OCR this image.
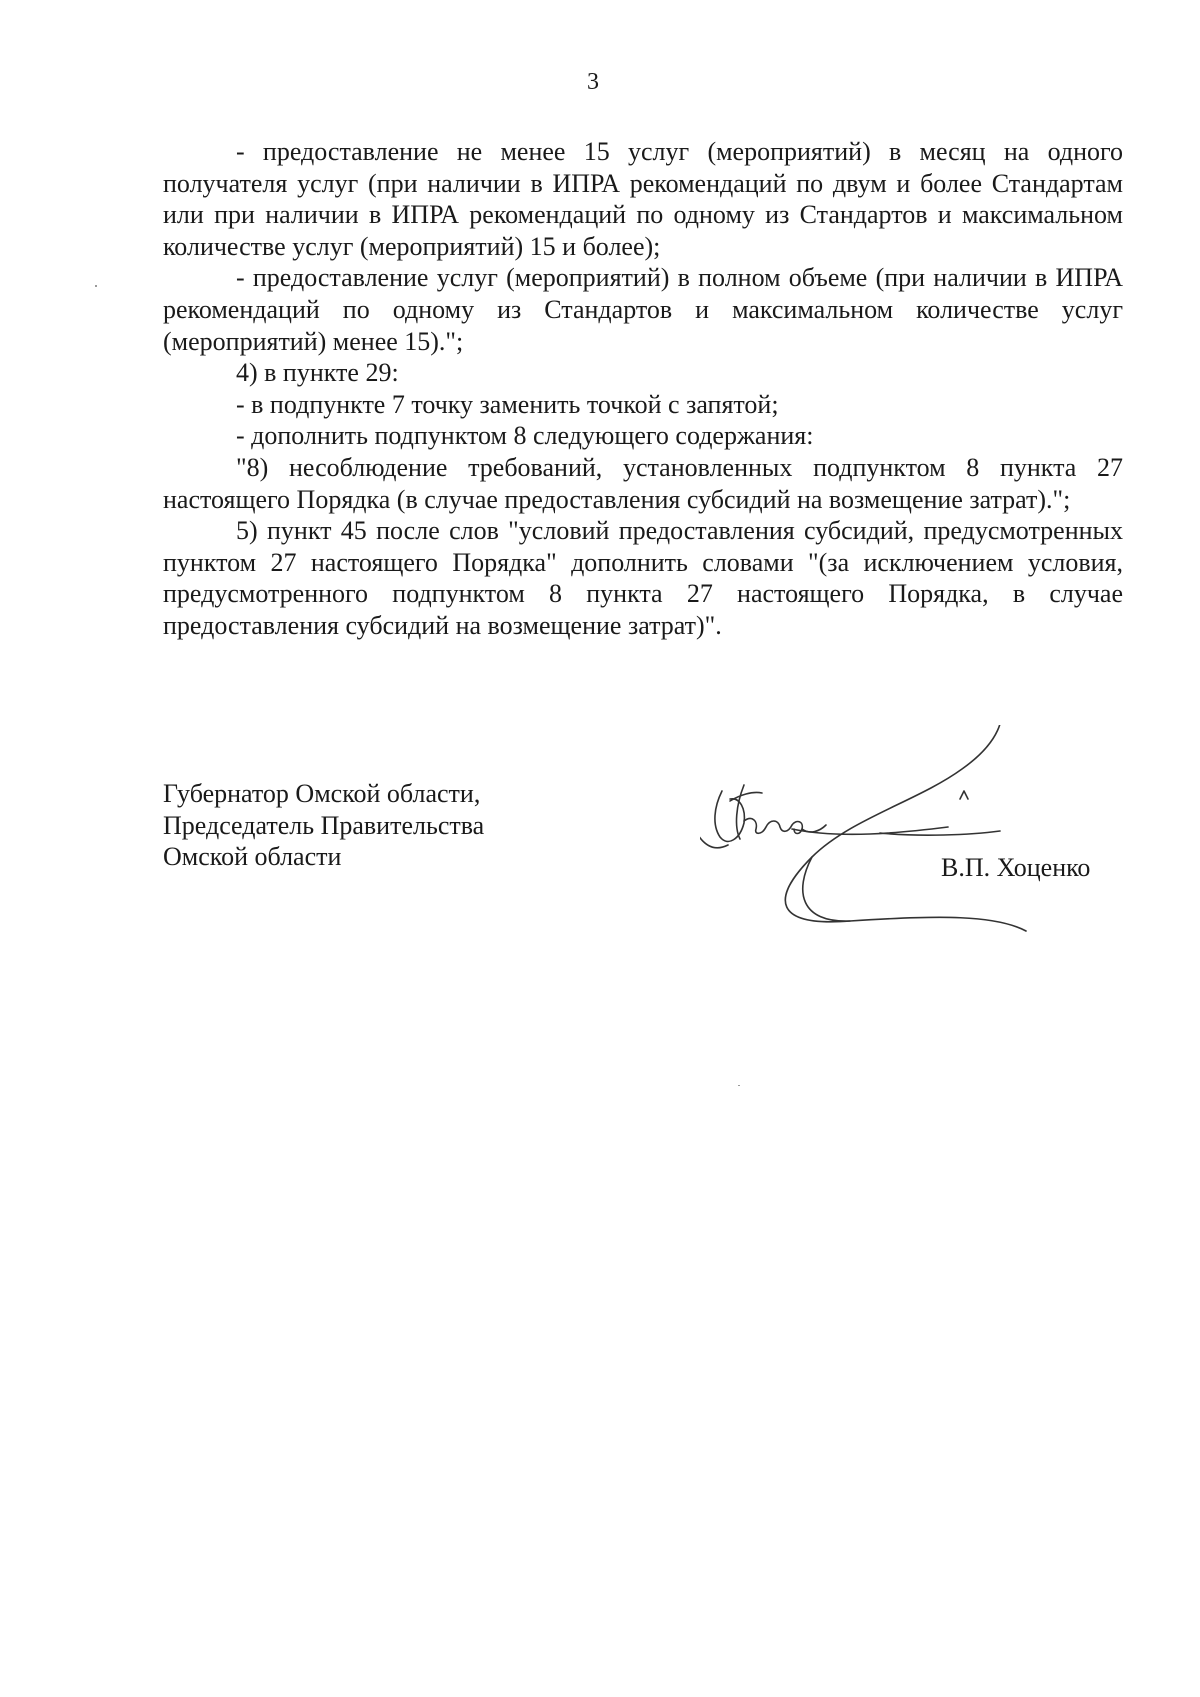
3

- предоставление не менее 15 услуг (мероприятий) в месяц на одного получателя услуг (при наличии в ИПРА рекомендаций по двум и более Стандартам или при наличии в ИПРА рекомендаций по одному из Стандартов и максимальном количестве услуг (мероприятий) 15 и более);

- предоставление услуг (мероприятий) в полном объеме (при наличии в ИПРА рекомендаций по одному из Стандартов и максимальном количестве услуг (мероприятий) менее 15).";

4) в пункте 29:

- в подпункте 7 точку заменить точкой с запятой;

- дополнить подпунктом 8 следующего содержания:

"8) несоблюдение требований, установленных подпунктом 8 пункта 27 настоящего Порядка (в случае предоставления субсидий на возмещение затрат).";

5) пункт 45 после слов "условий предоставления субсидий, предусмотренных пунктом 27 настоящего Порядка" дополнить словами "(за исключением условия, предусмотренного подпунктом 8 пункта 27 настоящего Порядка, в случае предоставления субсидий на возмещение затрат)".

Губернатор Омской области,
Председатель Правительства
Омской области	В.П. Хоценко
